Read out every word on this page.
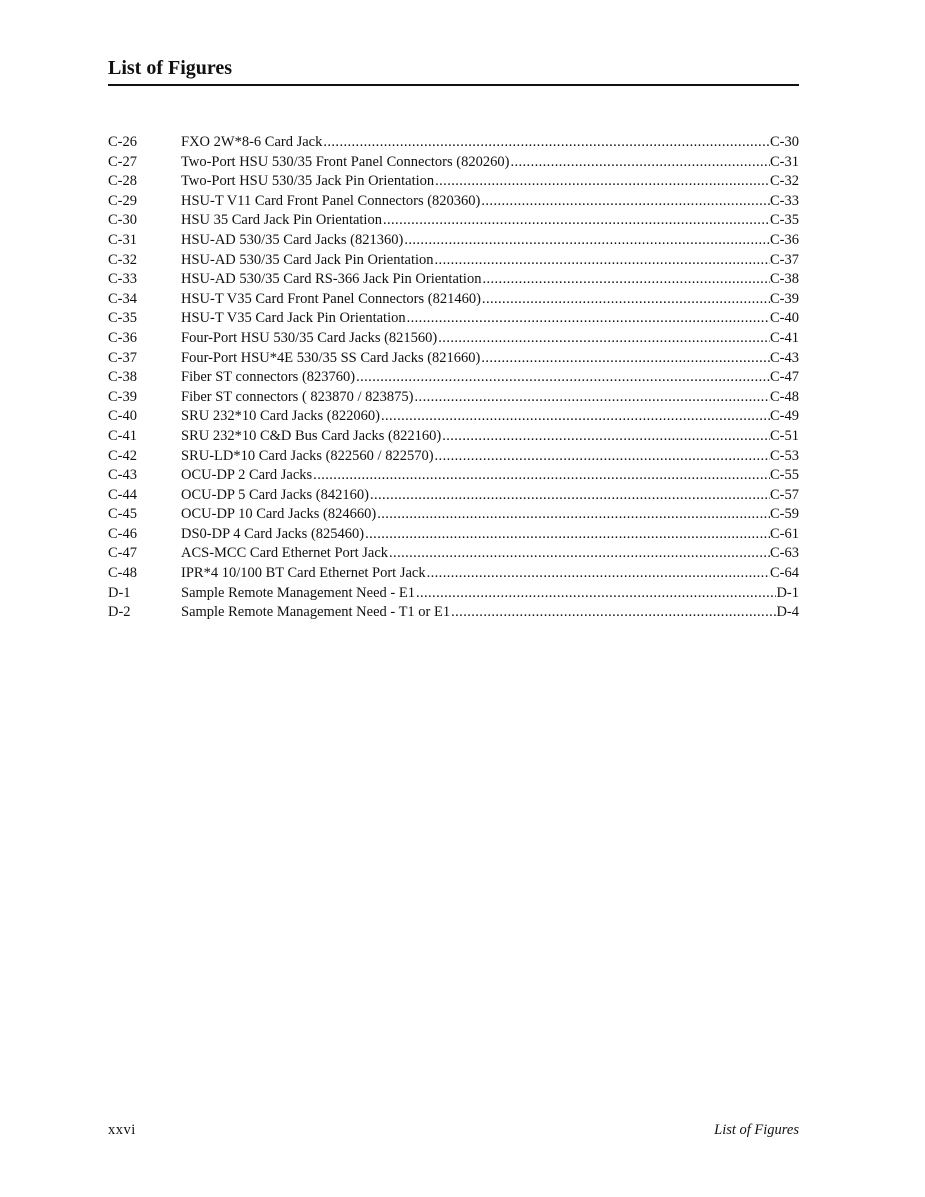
List of Figures
C-26	FXO 2W*8-6 Card Jack .....	C-30
C-27	Two-Port HSU 530/35 Front Panel Connectors (820260) .....	C-31
C-28	Two-Port HSU 530/35 Jack Pin Orientation .....	C-32
C-29	HSU-T V11 Card Front Panel Connectors (820360) .....	C-33
C-30	HSU 35 Card Jack Pin Orientation .....	C-35
C-31	HSU-AD 530/35 Card Jacks (821360) .....	C-36
C-32	HSU-AD 530/35 Card Jack Pin Orientation .....	C-37
C-33	HSU-AD 530/35 Card RS-366 Jack Pin Orientation .....	C-38
C-34	HSU-T V35 Card Front Panel Connectors (821460) .....	C-39
C-35	HSU-T V35 Card Jack Pin Orientation .....	C-40
C-36	Four-Port HSU 530/35 Card Jacks (821560) .....	C-41
C-37	Four-Port HSU*4E 530/35 SS Card Jacks (821660) .....	C-43
C-38	Fiber ST connectors (823760) .....	C-47
C-39	Fiber ST connectors ( 823870 / 823875) .....	C-48
C-40	SRU 232*10 Card Jacks (822060) .....	C-49
C-41	SRU 232*10 C&D Bus Card Jacks (822160) .....	C-51
C-42	SRU-LD*10 Card Jacks (822560 / 822570) .....	C-53
C-43	OCU-DP 2 Card Jacks .....	C-55
C-44	OCU-DP 5 Card Jacks (842160) .....	C-57
C-45	OCU-DP 10 Card Jacks (824660) .....	C-59
C-46	DS0-DP 4 Card Jacks (825460) .....	C-61
C-47	ACS-MCC Card Ethernet Port Jack .....	C-63
C-48	IPR*4 10/100 BT Card Ethernet Port Jack .....	C-64
D-1	Sample Remote Management Need - E1 .....	D-1
D-2	Sample Remote Management Need - T1 or E1 .....	D-4
xxvi	List of Figures
